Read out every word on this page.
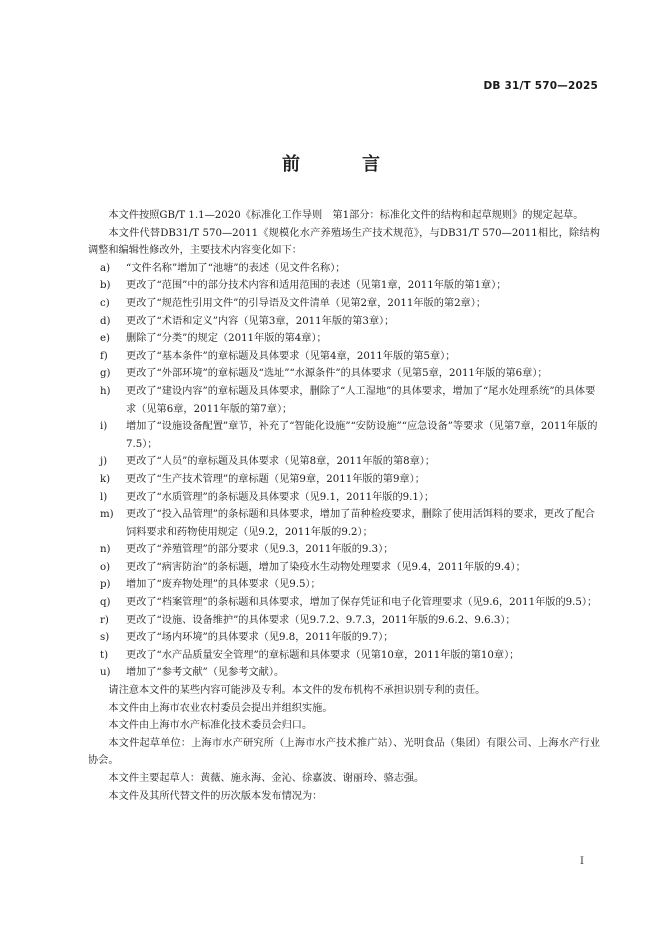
DB 31/T 570—2025
前　言

本文件按照GB/T 1.1—2020《标准化工作导则　第1部分：标准化文件的结构和起草规则》的规定起草。

本文件代替DB31/T 570—2011《规模化水产养殖场生产技术规范》，与DB31/T 570—2011相比，除结构调整和编辑性修改外，主要技术内容变化如下：

a) “文件名称”增加了“池塘”的表述（见文件名称）；
b) 更改了“范围”中的部分技术内容和适用范围的表述（见第1章，2011年版的第1章）；
c) 更改了“规范性引用文件”的引导语及文件清单（见第2章，2011年版的第2章）；
d) 更改了“术语和定义”内容（见第3章，2011年版的第3章）；
e) 删除了“分类”的规定（2011年版的第4章）；
f) 更改了“基本条件”的章标题及具体要求（见第4章，2011年版的第5章）；
g) 更改了“外部环境”的章标题及“选址”“水源条件”的具体要求（见第5章，2011年版的第6章）；
h) 更改了“建设内容”的章标题及具体要求，删除了“人工湿地”的具体要求，增加了“尾水处理系统”的具体要求（见第6章，2011年版的第7章）；
i) 增加了“设施设备配置”章节，补充了“智能化设施”“安防设施”“应急设备”等要求（见第7章，2011年版的7.5）；
j) 更改了“人员”的章标题及具体要求（见第8章，2011年版的第8章）；
k) 更改了“生产技术管理”的章标题（见第9章，2011年版的第9章）；
l) 更改了“水质管理”的条标题及具体要求（见9.1，2011年版的9.1）；
m) 更改了“投入品管理”的条标题和具体要求，增加了苗种检疫要求，删除了使用活饵料的要求，更改了配合饲料要求和药物使用规定（见9.2，2011年版的9.2）；
n) 更改了“养殖管理”的部分要求（见9.3，2011年版的9.3）；
o) 更改了“病害防治”的条标题，增加了染疫水生动物处理要求（见9.4，2011年版的9.4）；
p) 增加了“废弃物处理”的具体要求（见9.5）；
q) 更改了“档案管理”的条标题和具体要求，增加了保存凭证和电子化管理要求（见9.6，2011年版的9.5）；
r) 更改了“设施、设备维护”的具体要求（见9.7.2、9.7.3，2011年版的9.6.2、9.6.3）；
s) 更改了“场内环境”的具体要求（见9.8，2011年版的9.7）；
t) 更改了“水产品质量安全管理”的章标题和具体要求（见第10章，2011年版的第10章）；
u) 增加了“参考文献”（见参考文献）。

请注意本文件的某些内容可能涉及专利。本文件的发布机构不承担识别专利的责任。

本文件由上海市农业农村委员会提出并组织实施。

本文件由上海市水产标准化技术委员会归口。

本文件起草单位：上海市水产研究所（上海市水产技术推广站）、光明食品（集团）有限公司、上海水产行业协会。

本文件主要起草人：黄薇、施永海、金沁、徐嘉波、谢丽玲、骆志强。

本文件及其所代替文件的历次版本发布情况为：

I
